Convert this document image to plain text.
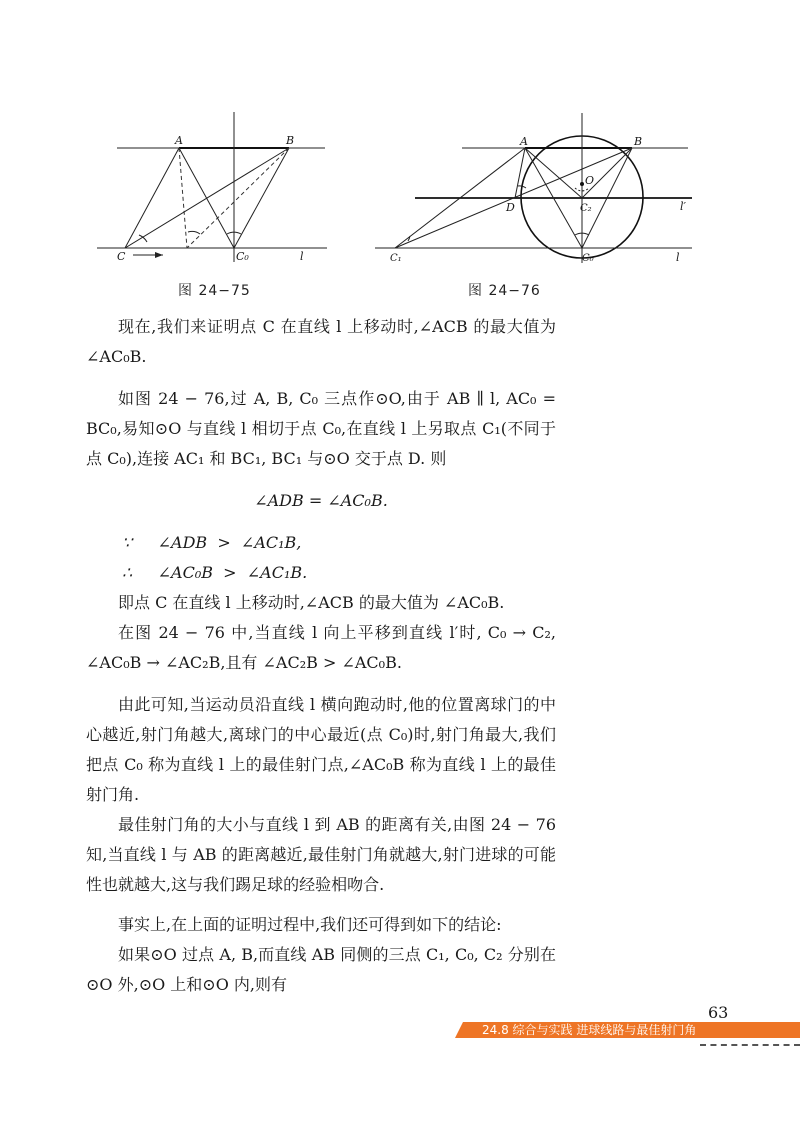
A	B
C	C₀	l
图 24−75
A	B
O
D	C₂	l′
C₁	C₀	l
图 24−76

现在,我们来证明点 C 在直线 l 上移动时,∠ACB 的最大值为 ∠AC₀B.

如图 24 − 76,过 A, B, C₀ 三点作⊙O,由于 AB ∥ l, AC₀ = BC₀,易知⊙O 与直线 l 相切于点 C₀,在直线 l 上另取点 C₁(不同于点 C₀),连接 AC₁ 和 BC₁, BC₁ 与⊙O 交于点 D. 则

∠ADB = ∠AC₀B.
∵     ∠ADB  >  ∠AC₁B,
∴     ∠AC₀B  >  ∠AC₁B.

即点 C 在直线 l 上移动时,∠ACB 的最大值为 ∠AC₀B.

在图 24 − 76 中,当直线 l 向上平移到直线 l′时, C₀ → C₂, ∠AC₀B → ∠AC₂B,且有 ∠AC₂B > ∠AC₀B.

由此可知,当运动员沿直线 l 横向跑动时,他的位置离球门的中心越近,射门角越大,离球门的中心最近(点 C₀)时,射门角最大,我们把点 C₀ 称为直线 l 上的最佳射门点,∠AC₀B 称为直线 l 上的最佳射门角.

最佳射门角的大小与直线 l 到 AB 的距离有关,由图 24 − 76 知,当直线 l 与 AB 的距离越近,最佳射门角就越大,射门进球的可能性也就越大,这与我们踢足球的经验相吻合.

事实上,在上面的证明过程中,我们还可得到如下的结论:

如果⊙O 过点 A, B,而直线 AB 同侧的三点 C₁, C₀, C₂ 分别在⊙O 外,⊙O 上和⊙O 内,则有

63
24.8 综合与实践 进球线路与最佳射门角
